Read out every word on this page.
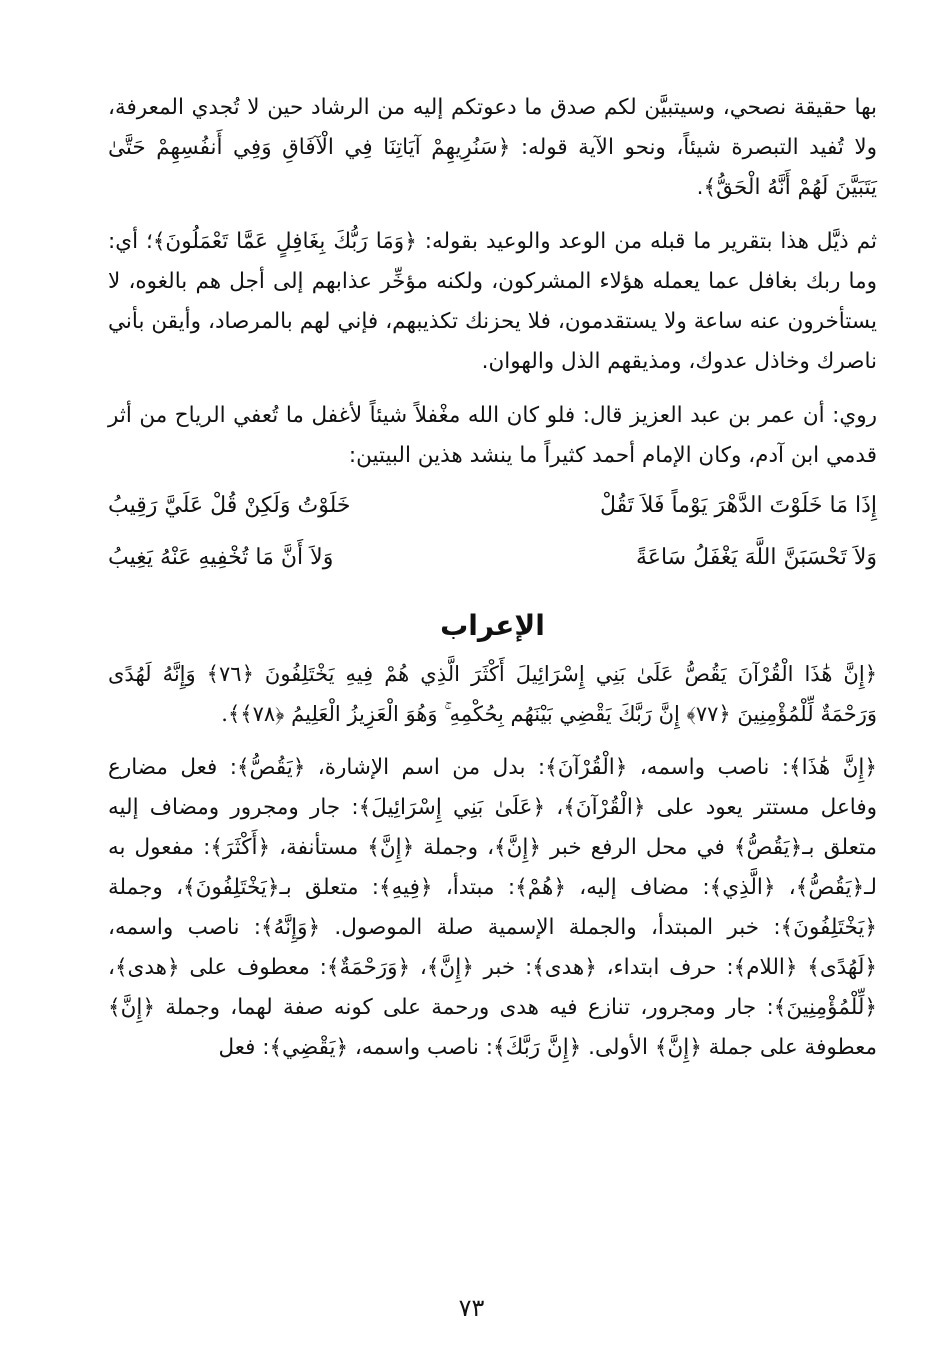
بها حقيقة نصحي، وسيتبيَّن لكم صدق ما دعوتكم إليه من الرشاد حين لا تُجدي المعرفة، ولا تُفيد التبصرة شيئاً، ونحو الآية قوله: ﴿سَنُرِيهِمْ آيَاتِنَا فِي الْآفَاقِ وَفِي أَنفُسِهِمْ حَتَّىٰ يَتَبَيَّنَ لَهُمْ أَنَّهُ الْحَقُّ﴾.

ثم ذيَّل هذا بتقرير ما قبله من الوعد والوعيد بقوله: ﴿وَمَا رَبُّكَ بِغَافِلٍ عَمَّا تَعْمَلُونَ﴾؛ أي: وما ربك بغافل عما يعمله هؤلاء المشركون، ولكنه مؤخِّر عذابهم إلى أجل هم بالغوه، لا يستأخرون عنه ساعة ولا يستقدمون، فلا يحزنك تكذيبهم، فإني لهم بالمرصاد، وأيقن بأني ناصرك وخاذل عدوك، ومذيقهم الذل والهوان.

روي: أن عمر بن عبد العزيز قال: فلو كان الله مغْفلاً شيئاً لأغفل ما تُعفي الرياح من أثر قدمي ابن آدم، وكان الإمام أحمد كثيراً ما ينشد هذين البيتين:

إِذَا مَا خَلَوْتَ الدَّهْرَ يَوْماً فَلاَ تَقُلْ
خَلَوْتُ وَلَكِنْ قُلْ عَلَيَّ رَقِيبُ
وَلاَ تَحْسَبَنَّ اللَّهَ يَغْفَلُ سَاعَةً
وَلاَ أَنَّ مَا تُخْفِيهِ عَنْهُ يَغِيبُ
الإعراب

﴿إِنَّ هَٰذَا الْقُرْآنَ يَقُصُّ عَلَىٰ بَنِي إِسْرَائِيلَ أَكْثَرَ الَّذِي هُمْ فِيهِ يَخْتَلِفُونَ ﴿٧٦﴾ وَإِنَّهُ لَهُدًى وَرَحْمَةٌ لِّلْمُؤْمِنِينَ ﴿٧٧﴾ إِنَّ رَبَّكَ يَقْضِي بَيْنَهُم بِحُكْمِهِ ۚ وَهُوَ الْعَزِيزُ الْعَلِيمُ ﴿٧٨﴾﴾.

﴿إِنَّ هَٰذَا﴾: ناصب واسمه، ﴿الْقُرْآنَ﴾: بدل من اسم الإشارة، ﴿يَقُصُّ﴾: فعل مضارع وفاعل مستتر يعود على ﴿الْقُرْآنَ﴾، ﴿عَلَىٰ بَنِي إِسْرَائِيلَ﴾: جار ومجرور ومضاف إليه متعلق بـ﴿يَقُصُّ﴾ في محل الرفع خبر ﴿إِنَّ﴾، وجملة ﴿إِنَّ﴾ مستأنفة، ﴿أَكْثَرَ﴾: مفعول به لـ﴿يَقُصُّ﴾، ﴿الَّذِي﴾: مضاف إليه، ﴿هُمْ﴾: مبتدأ، ﴿فِيهِ﴾: متعلق بـ﴿يَخْتَلِفُونَ﴾، وجملة ﴿يَخْتَلِفُونَ﴾: خبر المبتدأ، والجملة الإسمية صلة الموصول. ﴿وَإِنَّهُ﴾: ناصب واسمه، ﴿لَهُدًى﴾ ﴿اللام﴾: حرف ابتداء، ﴿هدى﴾: خبر ﴿إِنَّ﴾، ﴿وَرَحْمَةٌ﴾: معطوف على ﴿هدى﴾، ﴿لِّلْمُؤْمِنِينَ﴾: جار ومجرور، تنازع فيه هدى ورحمة على كونه صفة لهما، وجملة ﴿إِنَّ﴾ معطوفة على جملة ﴿إِنَّ﴾ الأولى. ﴿إِنَّ رَبَّكَ﴾: ناصب واسمه، ﴿يَقْضِي﴾: فعل

٧٣
